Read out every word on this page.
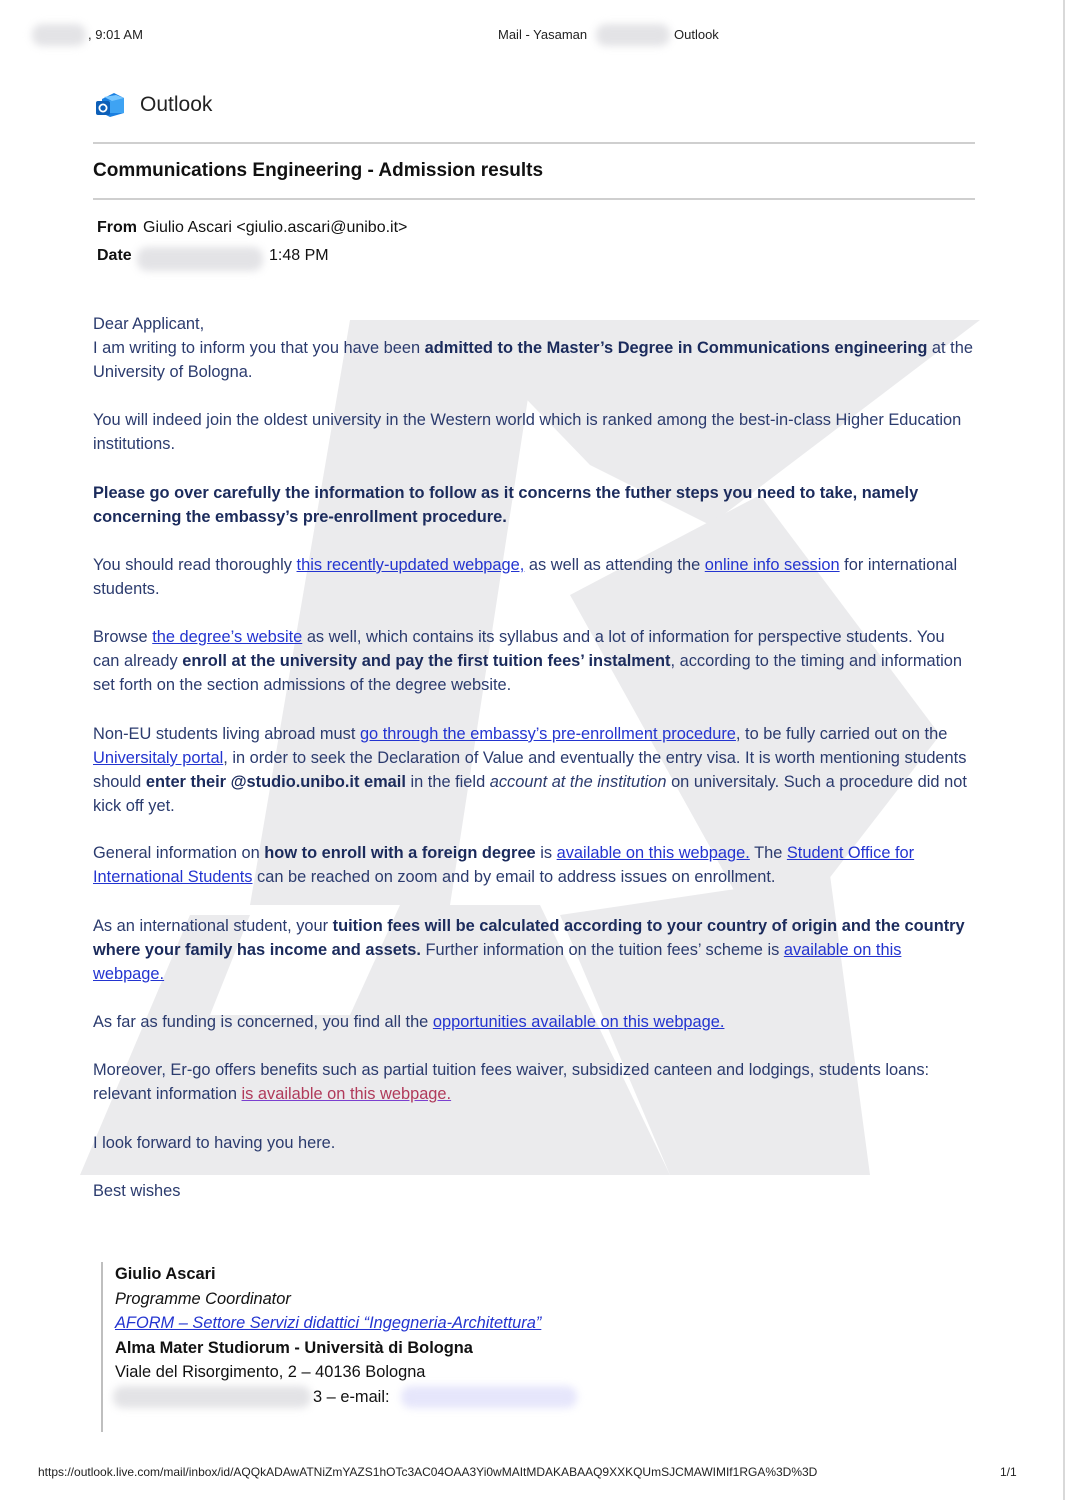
, 9:01 AM	Mail - Yasaman	Outlook
Outlook
Communications Engineering - Admission results
From Giulio Ascari <giulio.ascari@unibo.it>
Date	1:48 PM

Dear Applicant,

I am writing to inform you that you have been admitted to the Master’s Degree in Communications engineering at the University of Bologna.

You will indeed join the oldest university in the Western world which is ranked among the best-in-class Higher Education institutions.

Please go over carefully the information to follow as it concerns the futher steps you need to take, namely concerning the embassy’s pre-enrollment procedure.

You should read thoroughly this recently-updated webpage, as well as attending the online info session for international students.

Browse the degree’s website as well, which contains its syllabus and a lot of information for perspective students. You can already enroll at the university and pay the first tuition fees’ instalment, according to the timing and information set forth on the section admissions of the degree website.

Non-EU students living abroad must go through the embassy’s pre-enrollment procedure, to be fully carried out on the Universitaly portal, in order to seek the Declaration of Value and eventually the entry visa. It is worth mentioning students should enter their @studio.unibo.it email in the field account at the institution on universitaly. Such a procedure did not kick off yet.

General information on how to enroll with a foreign degree is available on this webpage. The Student Office for International Students can be reached on zoom and by email to address issues on enrollment.

As an international student, your tuition fees will be calculated according to your country of origin and the country where your family has income and assets. Further information on the tuition fees’ scheme is available on this webpage.

As far as funding is concerned, you find all the opportunities available on this webpage.

Moreover, Er-go offers benefits such as partial tuition fees waiver, subsidized canteen and lodgings, students loans: relevant information is available on this webpage.

I look forward to having you here.

Best wishes

Giulio Ascari
Programme Coordinator
AFORM – Settore Servizi didattici “Ingegneria-Architettura”
Alma Mater Studiorum - Università di Bologna
Viale del Risorgimento, 2 – 40136 Bologna
3 – e-mail:
https://outlook.live.com/mail/inbox/id/AQQkADAwATNiZmYAZS1hOTc3AC04OAA3Yi0wMAItMDAKABAAQ9XXKQUmSJCMAWIMIf1RGA%3D%3D	1/1
